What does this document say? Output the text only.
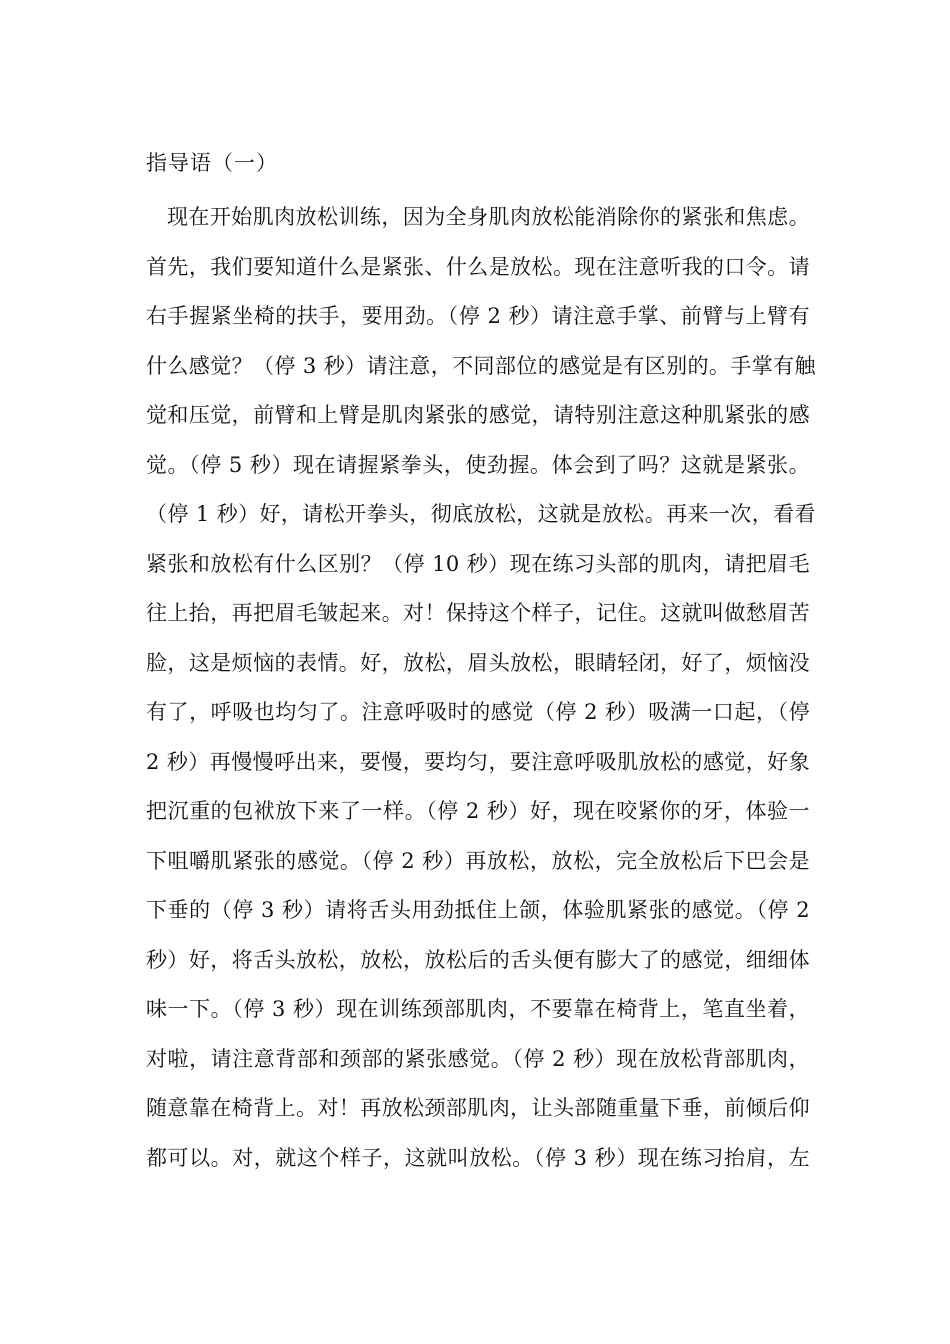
指导语（一）
现在开始肌肉放松训练，因为全身肌肉放松能消除你的紧张和焦虑。
首先，我们要知道什么是紧张、什么是放松。现在注意听我的口令。请
右手握紧坐椅的扶手，要用劲。（停 2 秒）请注意手掌、前臂与上臂有
什么感觉？（停 3 秒）请注意，不同部位的感觉是有区别的。手掌有触
觉和压觉，前臂和上臂是肌肉紧张的感觉，请特别注意这种肌紧张的感
觉。（停 5 秒）现在请握紧拳头，使劲握。体会到了吗？这就是紧张。
（停 1 秒）好，请松开拳头，彻底放松，这就是放松。再来一次，看看
紧张和放松有什么区别？（停 10 秒）现在练习头部的肌肉，请把眉毛
往上抬，再把眉毛皱起来。对！保持这个样子，记住。这就叫做愁眉苦
脸，这是烦恼的表情。好，放松，眉头放松，眼睛轻闭，好了，烦恼没
有了，呼吸也均匀了。注意呼吸时的感觉（停 2 秒）吸满一口起，（停
2 秒）再慢慢呼出来，要慢，要均匀，要注意呼吸肌放松的感觉，好象
把沉重的包袱放下来了一样。（停 2 秒）好，现在咬紧你的牙，体验一
下咀嚼肌紧张的感觉。（停 2 秒）再放松，放松，完全放松后下巴会是
下垂的（停 3 秒）请将舌头用劲抵住上颌，体验肌紧张的感觉。（停 2
秒）好，将舌头放松，放松，放松后的舌头便有膨大了的感觉，细细体
味一下。（停 3 秒）现在训练颈部肌肉，不要靠在椅背上，笔直坐着，
对啦，请注意背部和颈部的紧张感觉。（停 2 秒）现在放松背部肌肉，
随意靠在椅背上。对！再放松颈部肌肉，让头部随重量下垂，前倾后仰
都可以。对，就这个样子，这就叫放松。（停 3 秒）现在练习抬肩，左
